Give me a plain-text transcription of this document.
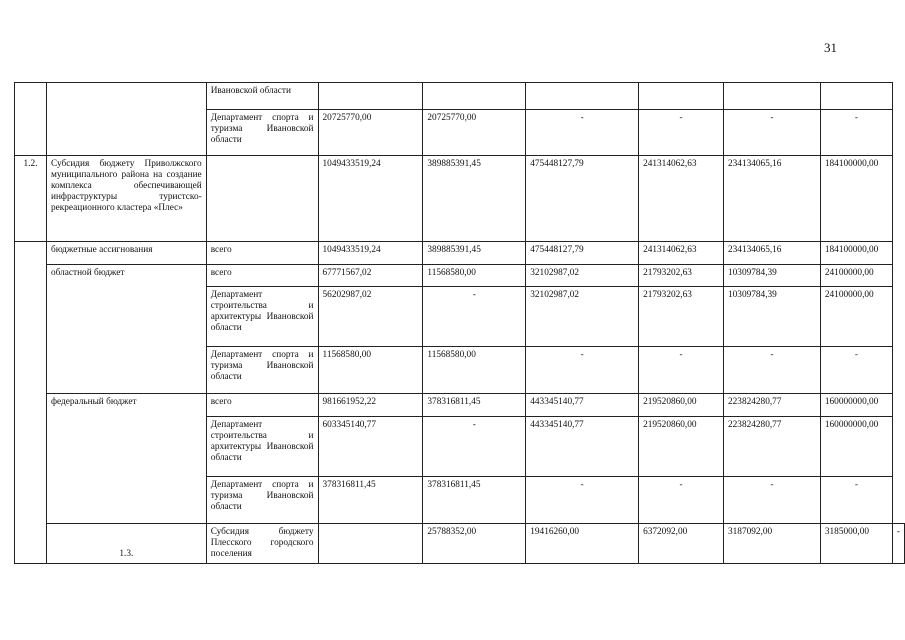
31
		Ивановской области							
		Департамент спорта и туризма Ивановской области	20725770,00	20725770,00	-	-	-	-	
1.2.	Субсидия бюджету Приволжского муниципального района на создание комплекса обеспечивающей инфраструктуры туристско-рекреационного кластера «Плес»		1049433519,24	389885391,45	475448127,79	241314062,63	234134065,16	184100000,00	
	бюджетные ассигнования	всего	1049433519,24	389885391,45	475448127,79	241314062,63	234134065,16	184100000,00	
	областной бюджет	всего	67771567,02	11568580,00	32102987,02	21793202,63	10309784,39	24100000,00	
		Департамент строительства и архитектуры Ивановской области	56202987,02	-	32102987,02	21793202,63	10309784,39	24100000,00	
		Департамент спорта и туризма Ивановской области	11568580,00	11568580,00	-	-	-	-	
	федеральный бюджет	всего	981661952,22	378316811,45	443345140,77	219520860,00	223824280,77	160000000,00	
		Департамент строительства и архитектуры Ивановской области	603345140,77	-	443345140,77	219520860,00	223824280,77	160000000,00	
		Департамент спорта и туризма Ивановской области	378316811,45	378316811,45	-	-	-	-	
	1.3.	Субсидия бюджету Плесского городского поселения		25788352,00	19416260,00	6372092,00	3187092,00	3185000,00	-
